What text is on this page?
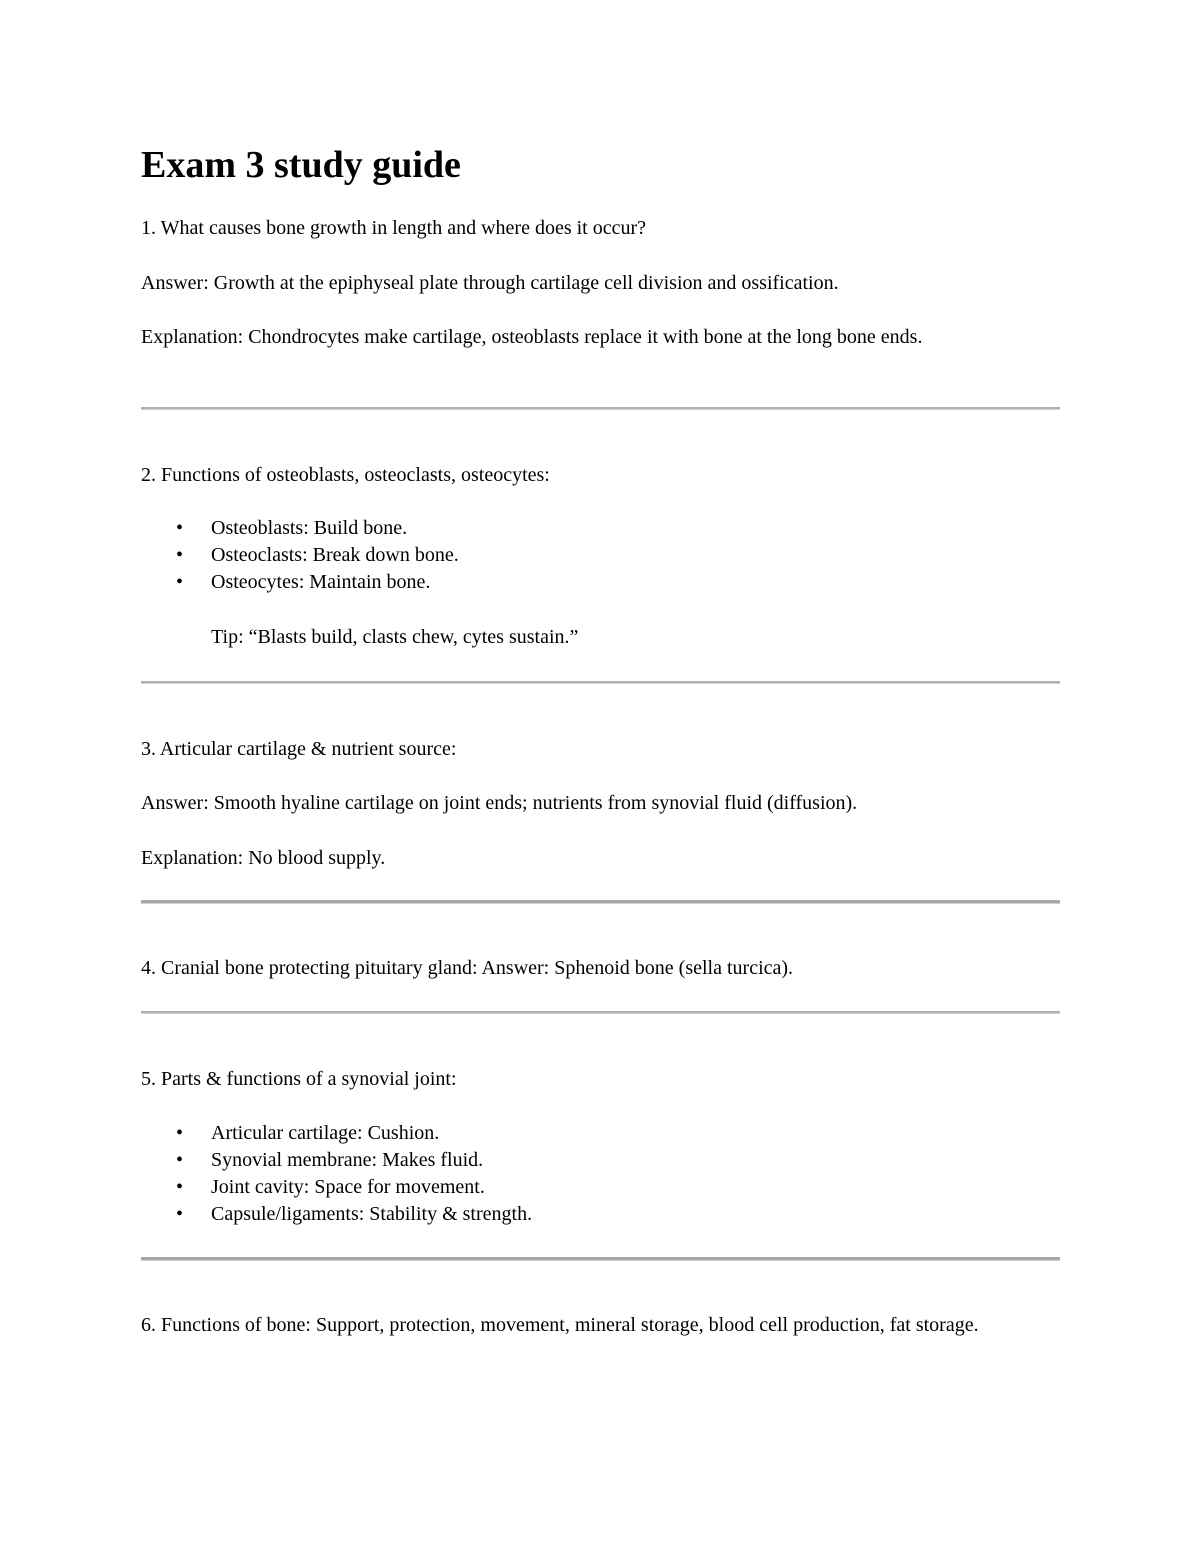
Exam 3 study guide

1. What causes bone growth in length and where does it occur?

Answer: Growth at the epiphyseal plate through cartilage cell division and ossification.

Explanation: Chondrocytes make cartilage, osteoblasts replace it with bone at the long bone ends.

2. Functions of osteoblasts, osteoclasts, osteocytes:

• Osteoblasts: Build bone.
• Osteoclasts: Break down bone.
• Osteocytes: Maintain bone.

Tip: “Blasts build, clasts chew, cytes sustain.”

3. Articular cartilage & nutrient source:

Answer: Smooth hyaline cartilage on joint ends; nutrients from synovial fluid (diffusion).

Explanation: No blood supply.

4. Cranial bone protecting pituitary gland: Answer: Sphenoid bone (sella turcica).

5. Parts & functions of a synovial joint:

• Articular cartilage: Cushion.
• Synovial membrane: Makes fluid.
• Joint cavity: Space for movement.
• Capsule/ligaments: Stability & strength.

6. Functions of bone: Support, protection, movement, mineral storage, blood cell production, fat storage.
